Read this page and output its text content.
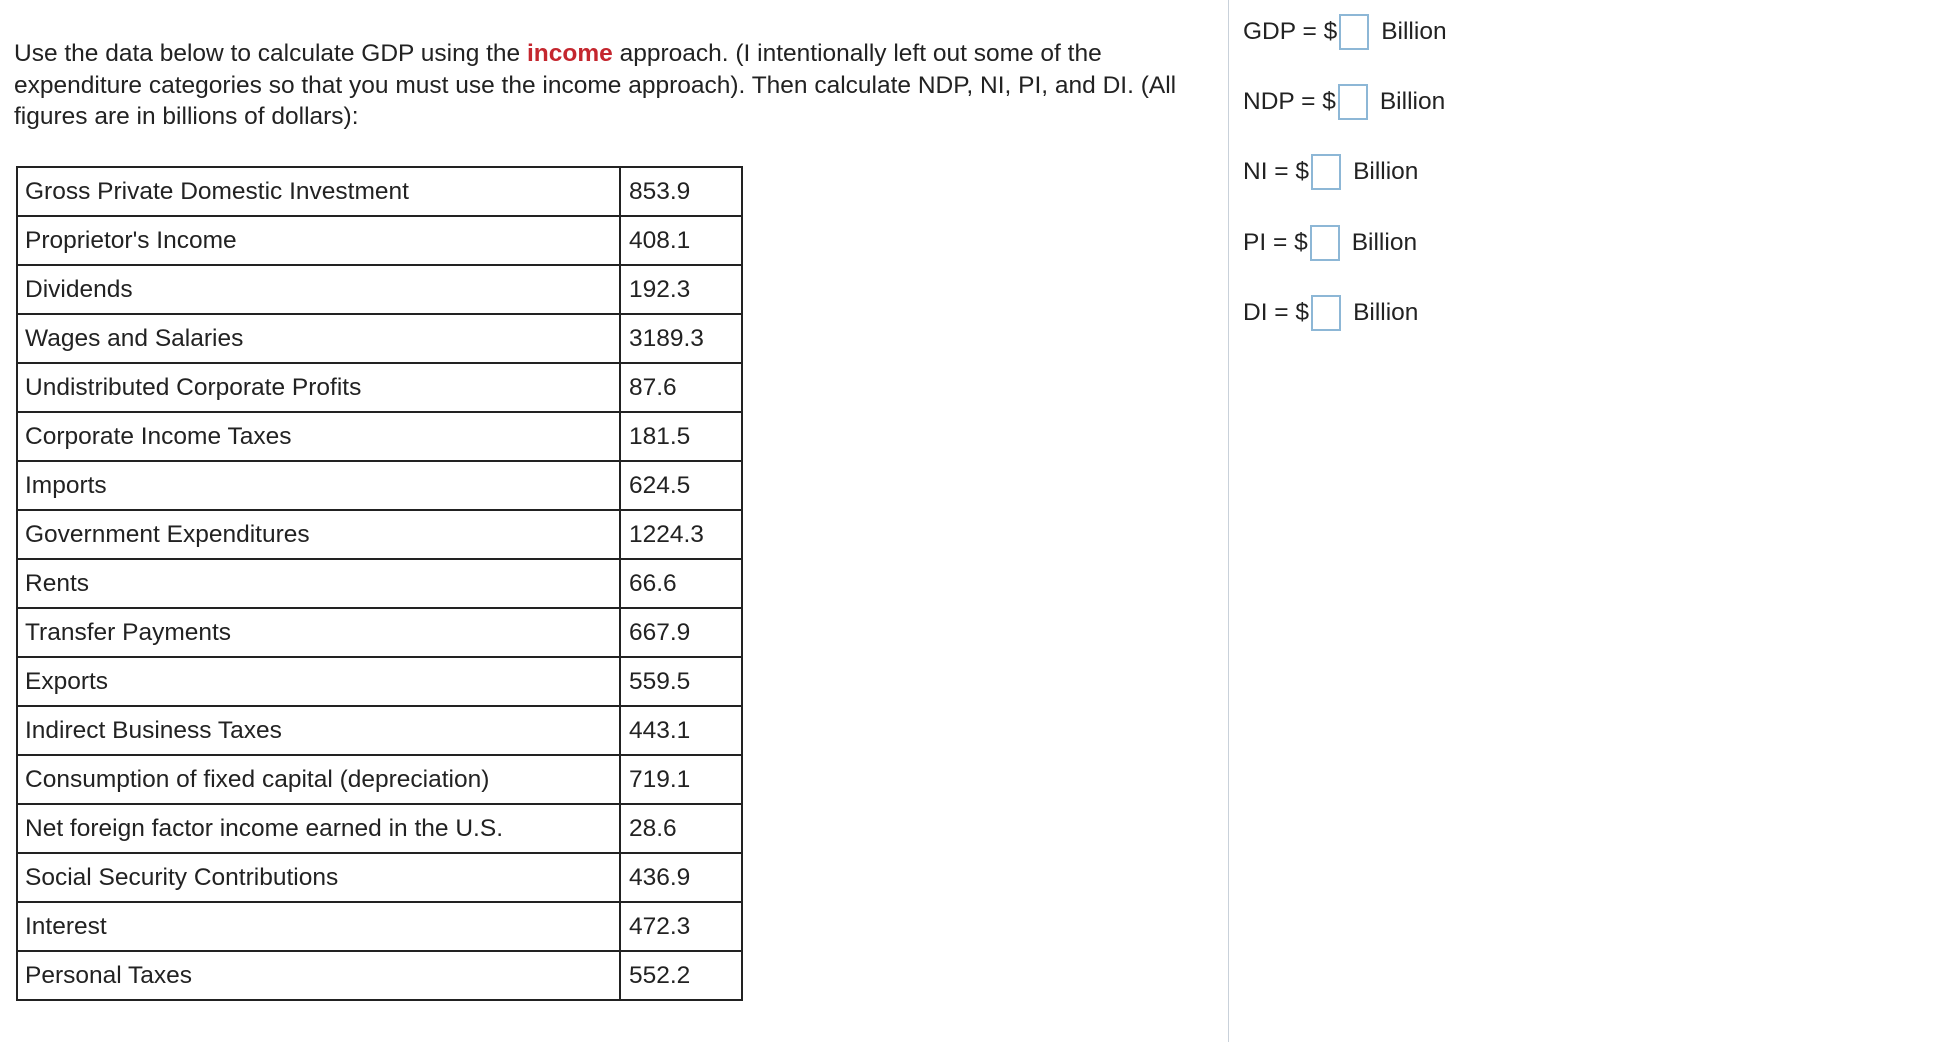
Use the data below to calculate GDP using the income approach. (I intentionally left out some of the expenditure categories so that you must use the income approach). Then calculate NDP, NI, PI, and DI. (All figures are in billions of dollars):

Gross Private Domestic Investment	853.9
Proprietor's Income	408.1
Dividends	192.3
Wages and Salaries	3189.3
Undistributed Corporate Profits	87.6
Corporate Income Taxes	181.5
Imports	624.5
Government Expenditures	1224.3
Rents	66.6
Transfer Payments	667.9
Exports	559.5
Indirect Business Taxes	443.1
Consumption of fixed capital (depreciation)	719.1
Net foreign factor income earned in the U.S.	28.6
Social Security Contributions	436.9
Interest	472.3
Personal Taxes	552.2
GDP = $ Billion
NDP = $ Billion
NI = $ Billion
PI = $ Billion
DI = $ Billion
